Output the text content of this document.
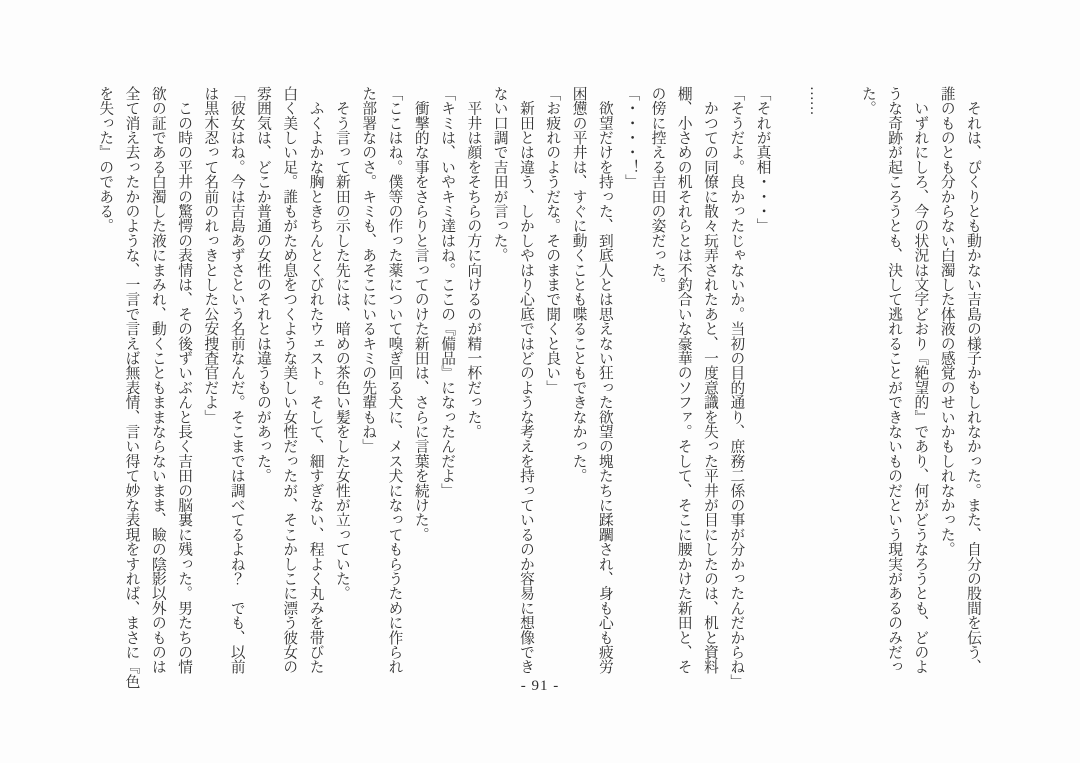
　それは、ぴくりとも動かない吉島の様子かもしれなかった。また、自分の股間を伝う、
誰のものとも分からない白濁した体液の感覚のせいかもしれなかった。
　いずれにしろ、今の状況は文字どおり『絶望的』であり、何がどうなろうとも、どのよ
うな奇跡が起ころうとも、決して逃れることができないものだという現実があるのみだっ
た。
……
「それが真相・・・」
「そうだよ。良かったじゃないか。当初の目的通り、庶務二係の事が分かったんだからね」
　かつての同僚に散々玩弄されたあと、一度意識を失った平井が目にしたのは、机と資料
棚、小さめの机それらとは不釣合いな豪華のソファ。そして、そこに腰かけた新田と、そ
の傍に控える吉田の姿だった。
「・・・・！」
　欲望だけを持った、到底人とは思えない狂った欲望の塊たちに蹂躙され、身も心も疲労
困憊の平井は、すぐに動くことも喋ることもできなかった。
「お疲れのようだな。そのままで聞くと良い」
　新田とは違う、しかしやはり心底ではどのような考えを持っているのか容易に想像でき
ない口調で吉田が言った。
　平井は顔をそちらの方に向けるのが精一杯だった。
「キミは、いやキミ達はね。ここの『備品』になったんだよ」
　衝撃的な事をさらりと言ってのけた新田は、さらに言葉を続けた。
「ここはね。僕等の作った薬について嗅ぎ回る犬に、メス犬になってもらうために作られ
た部署なのさ。キミも、あそこにいるキミの先輩もね」
　そう言って新田の示した先には、暗めの茶色い髪をした女性が立っていた。
　ふくよかな胸ときちんとくびれたウェスト。そして、細すぎない、程よく丸みを帯びた
白く美しい足。誰もがため息をつくような美しい女性だったが、そこかしこに漂う彼女の
雰囲気は、どこか普通の女性のそれとは違うものがあった。
「彼女はね。今は吉島あずさという名前なんだ。そこまでは調べてるよね？　でも、以前
は黒木忍って名前のれっきとした公安捜査官だよ」
　この時の平井の驚愕の表情は、その後ずいぶんと長く吉田の脳裏に残った。男たちの情
欲の証である白濁した液にまみれ、動くこともままならないまま、瞼の陰影以外のものは
全て消え去ったかのような、一言で言えば無表情、言い得て妙な表現をすれば、まさに『色
を失った』のである。
- 91 -
